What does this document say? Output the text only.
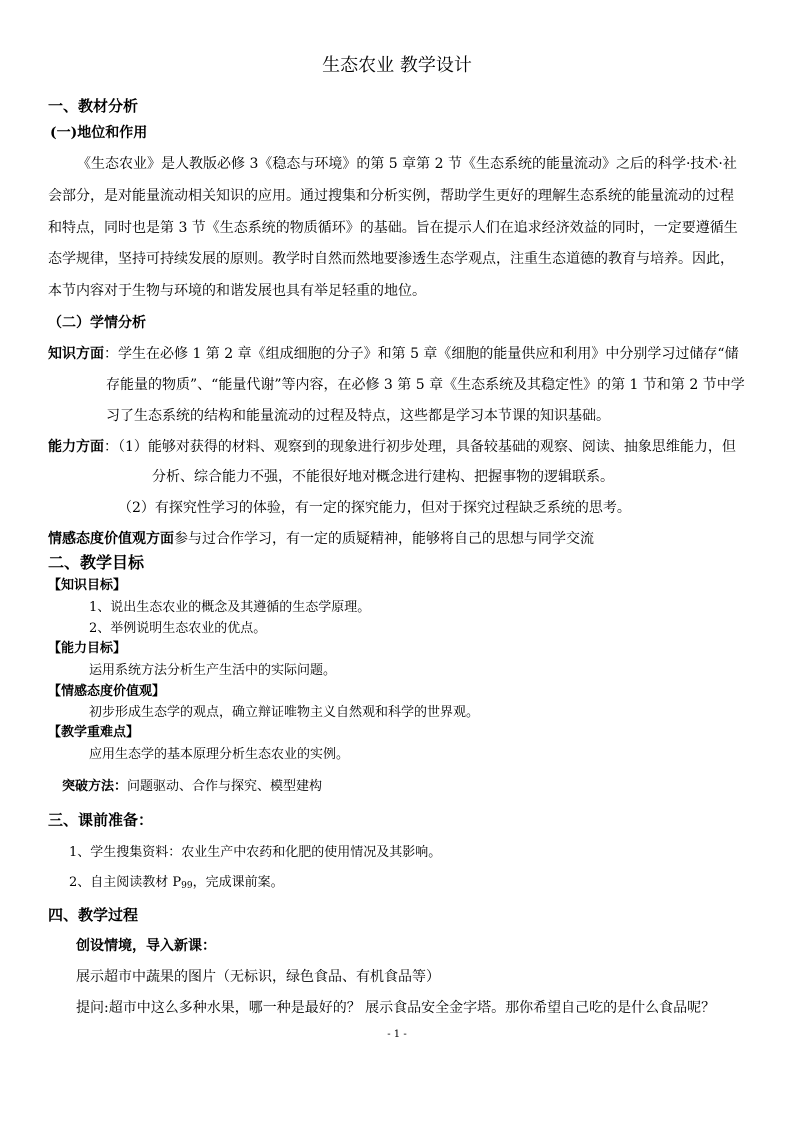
生态农业 教学设计
一、教材分析
(一)地位和作用
《生态农业》是人教版必修 3《稳态与环境》的第 5 章第 2 节《生态系统的能量流动》之后的科学·技术·社
会部分，是对能量流动相关知识的应用。通过搜集和分析实例，帮助学生更好的理解生态系统的能量流动的过程
和特点，同时也是第 3 节《生态系统的物质循环》的基础。旨在提示人们在追求经济效益的同时，一定要遵循生
态学规律，坚持可持续发展的原则。教学时自然而然地要渗透生态学观点，注重生态道德的教育与培养。因此，
本节内容对于生物与环境的和谐发展也具有举足轻重的地位。
（二）学情分析
知识方面：学生在必修 1 第 2 章《组成细胞的分子》和第 5 章《细胞的能量供应和利用》中分别学习过储存“储
存能量的物质”、“能量代谢”等内容，在必修 3 第 5 章《生态系统及其稳定性》的第 1 节和第 2 节中学
习了生态系统的结构和能量流动的过程及特点，这些都是学习本节课的知识基础。
能力方面：（1）能够对获得的材料、观察到的现象进行初步处理，具备较基础的观察、阅读、抽象思维能力，但
分析、综合能力不强，不能很好地对概念进行建构、把握事物的逻辑联系。
（2）有探究性学习的体验，有一定的探究能力，但对于探究过程缺乏系统的思考。
情感态度价值观方面参与过合作学习，有一定的质疑精神，能够将自己的思想与同学交流
二、教学目标
【知识目标】
1、说出生态农业的概念及其遵循的生态学原理。
2、举例说明生态农业的优点。
【能力目标】
运用系统方法分析生产生活中的实际问题。
【情感态度价值观】
初步形成生态学的观点，确立辩证唯物主义自然观和科学的世界观。
【教学重难点】
应用生态学的基本原理分析生态农业的实例。
突破方法：问题驱动、合作与探究、模型建构
三、课前准备：
1、学生搜集资料：农业生产中农药和化肥的使用情况及其影响。
2、自主阅读教材 $P_{99}$，完成课前案。
四、教学过程
创设情境，导入新课：
展示超市中蔬果的图片（无标识，绿色食品、有机食品等）
提问:超市中这么多种水果，哪一种是最好的？ 展示食品安全金字塔。那你希望自己吃的是什么食品呢？
- 1 -
